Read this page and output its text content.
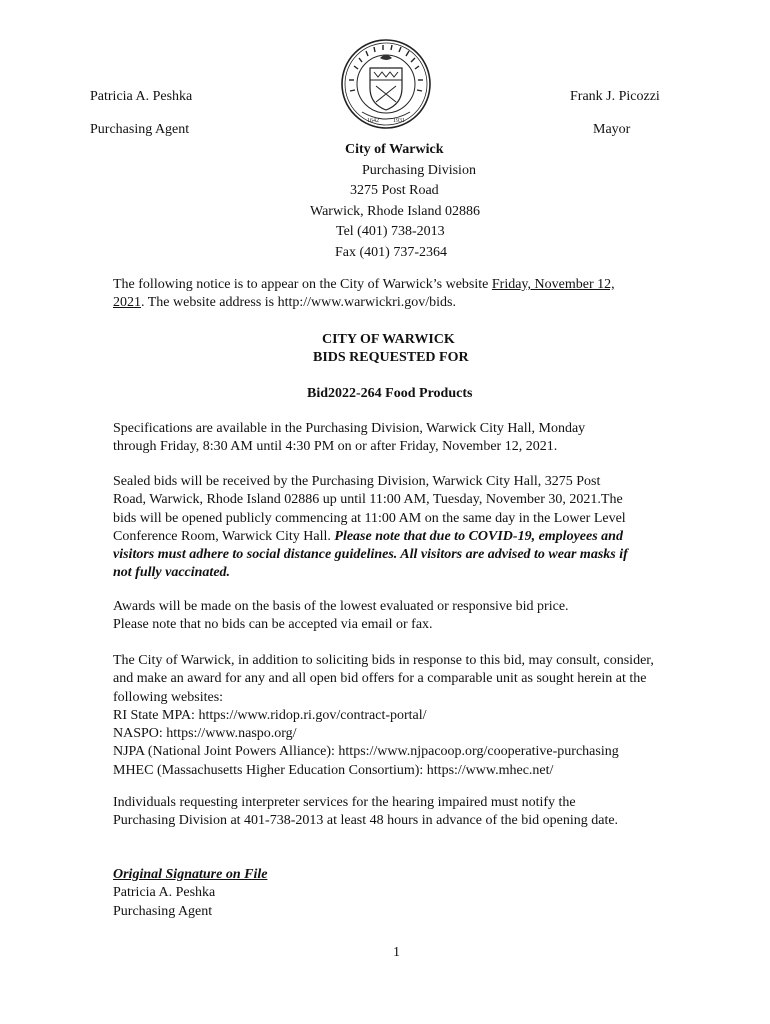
Patricia A. Peshka
Purchasing Agent
Frank J. Picozzi
Mayor
1642 1931
City of Warwick
Purchasing Division
3275 Post Road
Warwick, Rhode Island 02886
Tel (401) 738-2013
Fax (401) 737-2364
The following notice is to appear on the City of Warwick’s website Friday, November 12,
2021. The website address is http://www.warwickri.gov/bids.
CITY OF WARWICK
BIDS REQUESTED FOR
Bid2022-264 Food Products
Specifications are available in the Purchasing Division, Warwick City Hall, Monday
through Friday, 8:30 AM until 4:30 PM on or after Friday, November 12, 2021.
Sealed bids will be received by the Purchasing Division, Warwick City Hall, 3275 Post
Road, Warwick, Rhode Island 02886 up until 11:00 AM, Tuesday, November 30, 2021.The
bids will be opened publicly commencing at 11:00 AM on the same day in the Lower Level
Conference Room, Warwick City Hall. Please note that due to COVID-19, employees and
visitors must adhere to social distance guidelines. All visitors are advised to wear masks if
not fully vaccinated.
Awards will be made on the basis of the lowest evaluated or responsive bid price.
Please note that no bids can be accepted via email or fax.
The City of Warwick, in addition to soliciting bids in response to this bid, may consult, consider,
and make an award for any and all open bid offers for a comparable unit as sought herein at the
following websites:
RI State MPA: https://www.ridop.ri.gov/contract-portal/
NASPO: https://www.naspo.org/
NJPA (National Joint Powers Alliance): https://www.njpacoop.org/cooperative-purchasing
MHEC (Massachusetts Higher Education Consortium): https://www.mhec.net/
Individuals requesting interpreter services for the hearing impaired must notify the
Purchasing Division at 401-738-2013 at least 48 hours in advance of the bid opening date.
Original Signature on File
Patricia A. Peshka
Purchasing Agent
1
